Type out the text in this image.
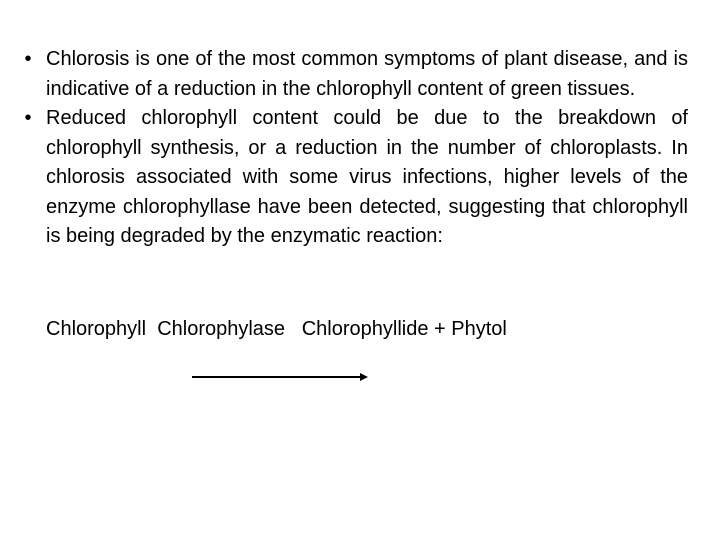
• Chlorosis is one of the most common symptoms of plant disease, and is indicative of a reduction in the chlorophyll content of green tissues.
• Reduced chlorophyll content could be due to the breakdown of chlorophyll synthesis, or a reduction in the number of chloroplasts. In chlorosis associated with some virus infections, higher levels of the enzyme chlorophyllase have been detected, suggesting that chlorophyll is being degraded by the enzymatic reaction:
Chlorophyll Chlorophylase Chlorophyllide + Phytol
